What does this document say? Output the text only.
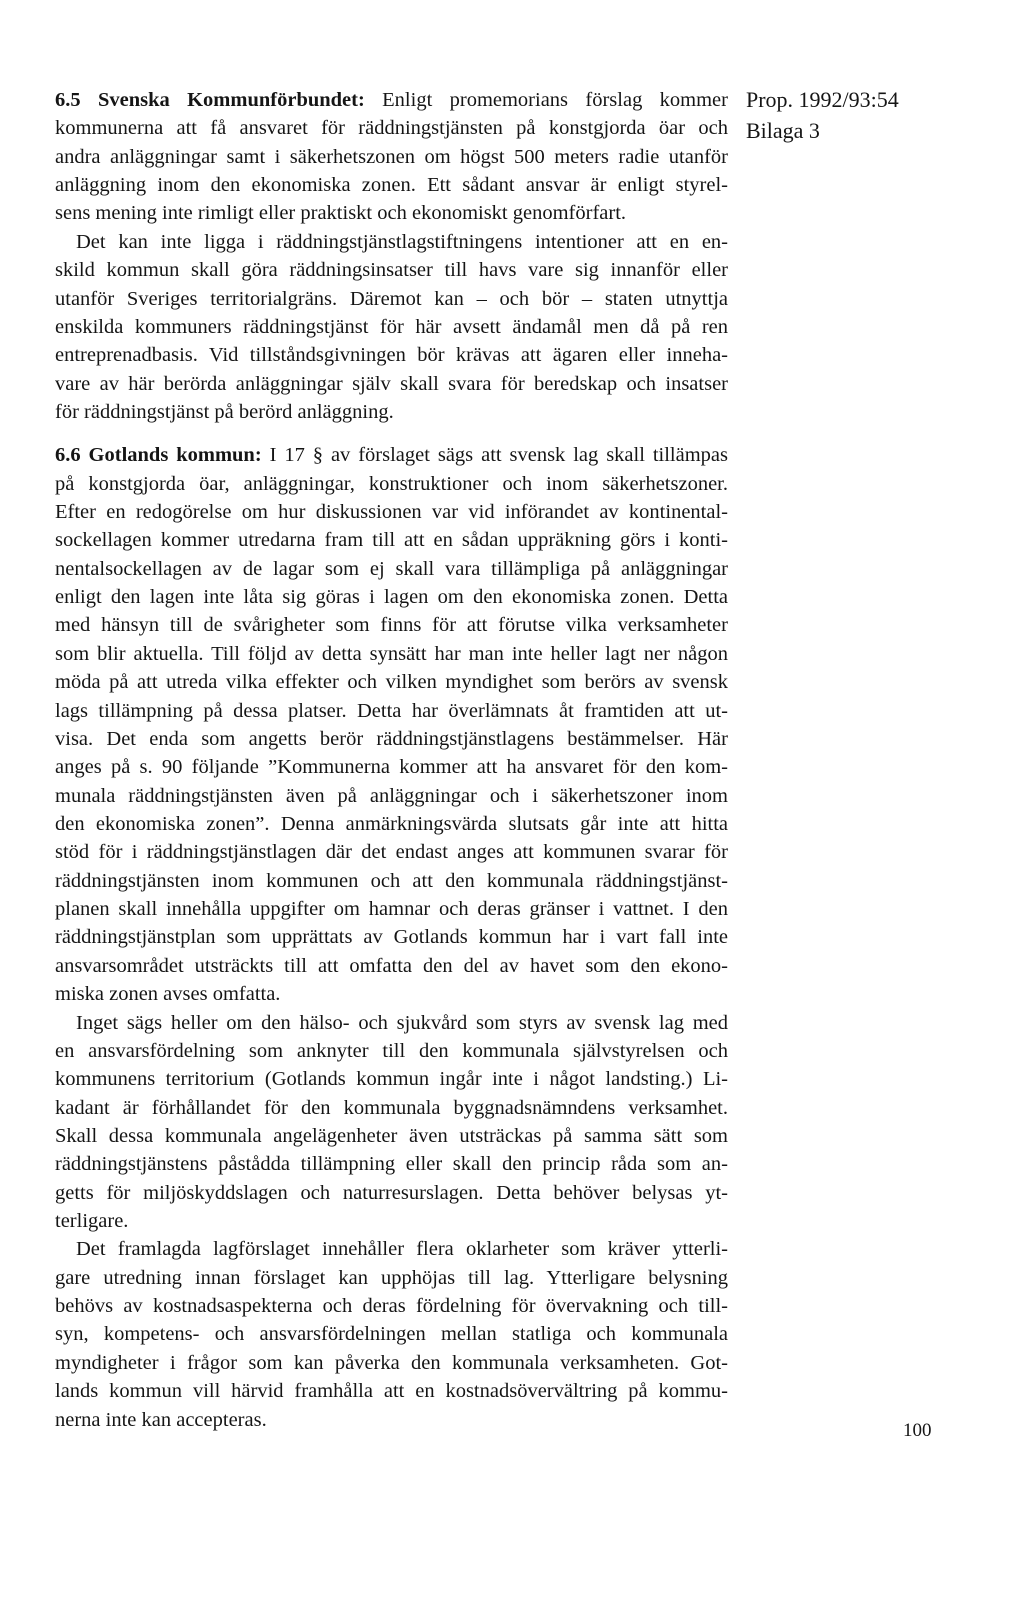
Prop. 1992/93:54
Bilaga 3
6.5 Svenska Kommunförbundet: Enligt promemorians förslag kommer
kommunerna att få ansvaret för räddningstjänsten på konstgjorda öar och
andra anläggningar samt i säkerhetszonen om högst 500 meters radie utanför
anläggning inom den ekonomiska zonen. Ett sådant ansvar är enligt styrel-
sens mening inte rimligt eller praktiskt och ekonomiskt genomförfart.
Det kan inte ligga i räddningstjänstlagstiftningens intentioner att en en-
skild kommun skall göra räddningsinsatser till havs vare sig innanför eller
utanför Sveriges territorialgräns. Däremot kan – och bör – staten utnyttja
enskilda kommuners räddningstjänst för här avsett ändamål men då på ren
entreprenadbasis. Vid tillståndsgivningen bör krävas att ägaren eller inneha-
vare av här berörda anläggningar själv skall svara för beredskap och insatser
för räddningstjänst på berörd anläggning.
6.6 Gotlands kommun: I 17 § av förslaget sägs att svensk lag skall tillämpas
på konstgjorda öar, anläggningar, konstruktioner och inom säkerhetszoner.
Efter en redogörelse om hur diskussionen var vid införandet av kontinental-
sockellagen kommer utredarna fram till att en sådan uppräkning görs i konti-
nentalsockellagen av de lagar som ej skall vara tillämpliga på anläggningar
enligt den lagen inte låta sig göras i lagen om den ekonomiska zonen. Detta
med hänsyn till de svårigheter som finns för att förutse vilka verksamheter
som blir aktuella. Till följd av detta synsätt har man inte heller lagt ner någon
möda på att utreda vilka effekter och vilken myndighet som berörs av svensk
lags tillämpning på dessa platser. Detta har överlämnats åt framtiden att ut-
visa. Det enda som angetts berör räddningstjänstlagens bestämmelser. Här
anges på s. 90 följande ”Kommunerna kommer att ha ansvaret för den kom-
munala räddningstjänsten även på anläggningar och i säkerhetszoner inom
den ekonomiska zonen”. Denna anmärkningsvärda slutsats går inte att hitta
stöd för i räddningstjänstlagen där det endast anges att kommunen svarar för
räddningstjänsten inom kommunen och att den kommunala räddningstjänst-
planen skall innehålla uppgifter om hamnar och deras gränser i vattnet. I den
räddningstjänstplan som upprättats av Gotlands kommun har i vart fall inte
ansvarsområdet utsträckts till att omfatta den del av havet som den ekono-
miska zonen avses omfatta.
Inget sägs heller om den hälso- och sjukvård som styrs av svensk lag med
en ansvarsfördelning som anknyter till den kommunala självstyrelsen och
kommunens territorium (Gotlands kommun ingår inte i något landsting.) Li-
kadant är förhållandet för den kommunala byggnadsnämndens verksamhet.
Skall dessa kommunala angelägenheter även utsträckas på samma sätt som
räddningstjänstens påstådda tillämpning eller skall den princip råda som an-
getts för miljöskyddslagen och naturresurslagen. Detta behöver belysas yt-
terligare.
Det framlagda lagförslaget innehåller flera oklarheter som kräver ytterli-
gare utredning innan förslaget kan upphöjas till lag. Ytterligare belysning
behövs av kostnadsaspekterna och deras fördelning för övervakning och till-
syn, kompetens- och ansvarsfördelningen mellan statliga och kommunala
myndigheter i frågor som kan påverka den kommunala verksamheten. Got-
lands kommun vill härvid framhålla att en kostnadsövervältring på kommu-
nerna inte kan accepteras.	100
